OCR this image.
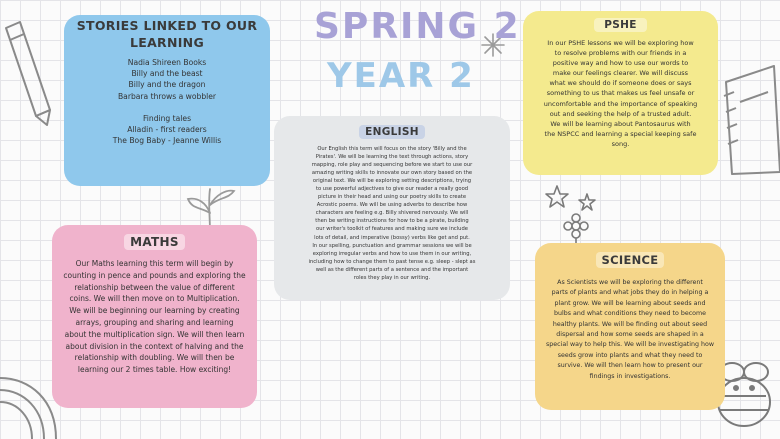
SPRING 2
YEAR 2
STORIES LINKED TO OUR
LEARNING
Nadia Shireen Books
Billy and the beast
Billy and the dragon
Barbara throws a wobbler

Finding tales
Alladin - first readers
The Bog Baby - Jeanne Willis
ENGLISH
Our English this term will focus on the story 'Billy and the
Pirates'. We will be learning the text through actions, story
mapping, role play and sequencing before we start to use our
amazing writing skills to innovate our own story based on the
original text. We will be exploring setting descriptions, trying
to use powerful adjectives to give our reader a really good
picture in their head and using our poetry skills to create
Acrostic poems. We will be using adverbs to describe how
characters are feeling e.g. Billy shivered nervously. We will
then be writing instructions for how to be a pirate, building
our writer's toolkit of features and making sure we include
lots of detail, and imperative (bossy) verbs like get and put.
In our spelling, punctuation and grammar sessions we will be
exploring irregular verbs and how to use them in our writing,
including how to change them to past tense e.g. sleep - slept as
well as the different parts of a sentence and the important
roles they play in our writing.
PSHE
In our PSHE lessons we will be exploring how
to resolve problems with our friends in a
positive way and how to use our words to
make our feelings clearer. We will discuss
what we should do if someone does or says
something to us that makes us feel unsafe or
uncomfortable and the importance of speaking
out and seeking the help of a trusted adult.
We will be learning about Pantosaurus with
the NSPCC and learning a special keeping safe
song.
MATHS
Our Maths learning this term will begin by
counting in pence and pounds and exploring the
relationship between the value of different
coins. We will then move on to Multiplication.
We will be beginning our learning by creating
arrays, grouping and sharing and learning
about the multiplication sign. We will then learn
about division in the context of halving and the
relationship with doubling. We will then be
learning our 2 times table. How exciting!
SCIENCE
As Scientists we will be exploring the different
parts of plants and what jobs they do in helping a
plant grow. We will be learning about seeds and
bulbs and what conditions they need to become
healthy plants. We will be finding out about seed
dispersal and how some seeds are shaped in a
special way to help this. We will be investigating how
seeds grow into plants and what they need to
survive. We will then learn how to present our
findings in investigations.
